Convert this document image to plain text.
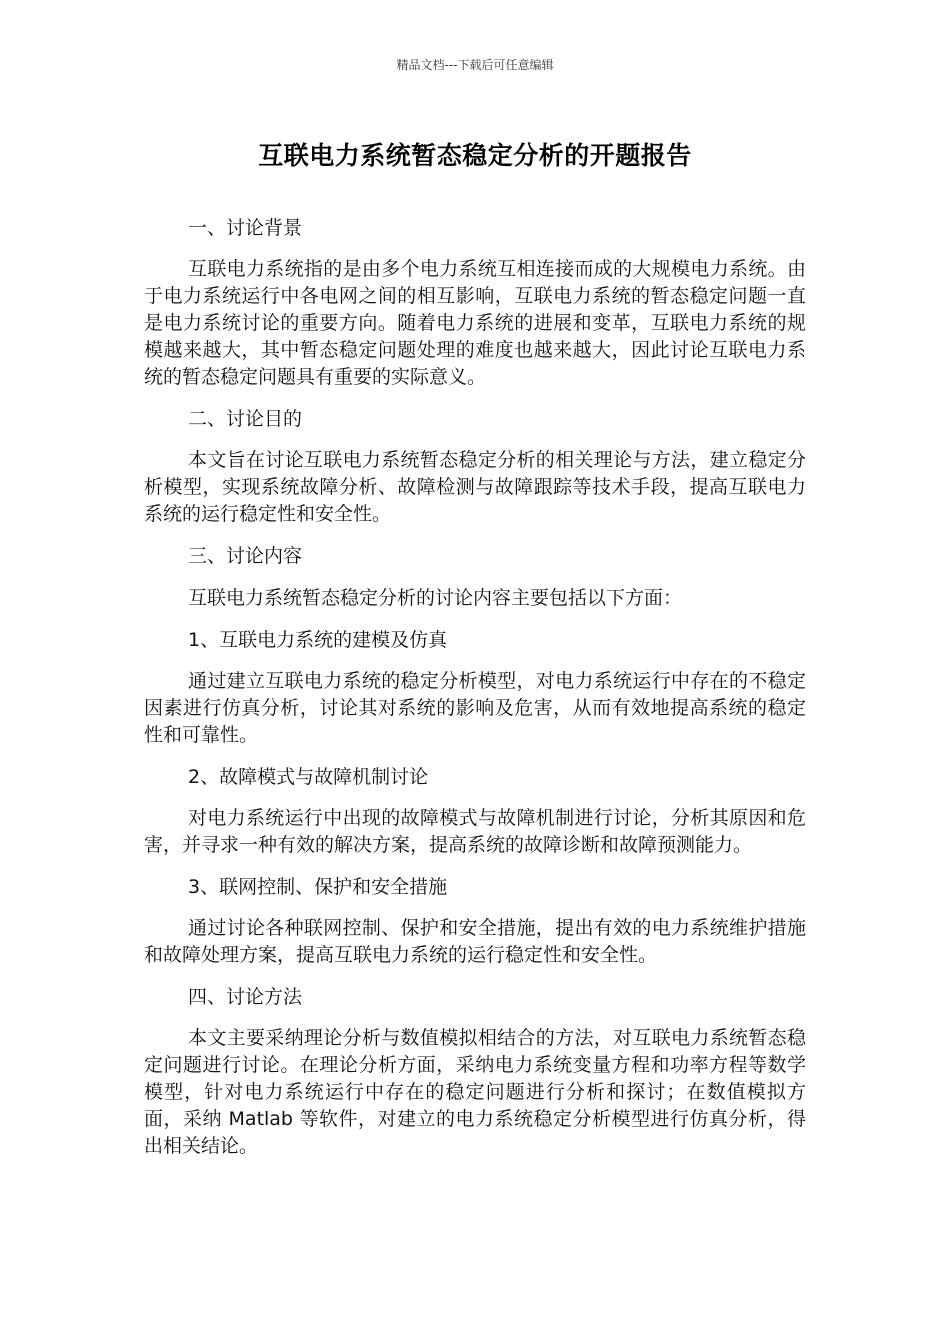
精品文档---下载后可任意编辑
互联电力系统暂态稳定分析的开题报告
一、讨论背景
互联电力系统指的是由多个电力系统互相连接而成的大规模电力系统。由于电力系统运行中各电网之间的相互影响，互联电力系统的暂态稳定问题一直是电力系统讨论的重要方向。随着电力系统的进展和变革，互联电力系统的规模越来越大，其中暂态稳定问题处理的难度也越来越大，因此讨论互联电力系统的暂态稳定问题具有重要的实际意义。
二、讨论目的
本文旨在讨论互联电力系统暂态稳定分析的相关理论与方法，建立稳定分析模型，实现系统故障分析、故障检测与故障跟踪等技术手段，提高互联电力系统的运行稳定性和安全性。
三、讨论内容
互联电力系统暂态稳定分析的讨论内容主要包括以下方面：
1、互联电力系统的建模及仿真
通过建立互联电力系统的稳定分析模型，对电力系统运行中存在的不稳定因素进行仿真分析，讨论其对系统的影响及危害，从而有效地提高系统的稳定性和可靠性。
2、故障模式与故障机制讨论
对电力系统运行中出现的故障模式与故障机制进行讨论，分析其原因和危害，并寻求一种有效的解决方案，提高系统的故障诊断和故障预测能力。
3、联网控制、保护和安全措施
通过讨论各种联网控制、保护和安全措施，提出有效的电力系统维护措施和故障处理方案，提高互联电力系统的运行稳定性和安全性。
四、讨论方法
本文主要采纳理论分析与数值模拟相结合的方法，对互联电力系统暂态稳定问题进行讨论。在理论分析方面，采纳电力系统变量方程和功率方程等数学模型，针对电力系统运行中存在的稳定问题进行分析和探讨；在数值模拟方面，采纳 Matlab 等软件，对建立的电力系统稳定分析模型进行仿真分析，得出相关结论。
